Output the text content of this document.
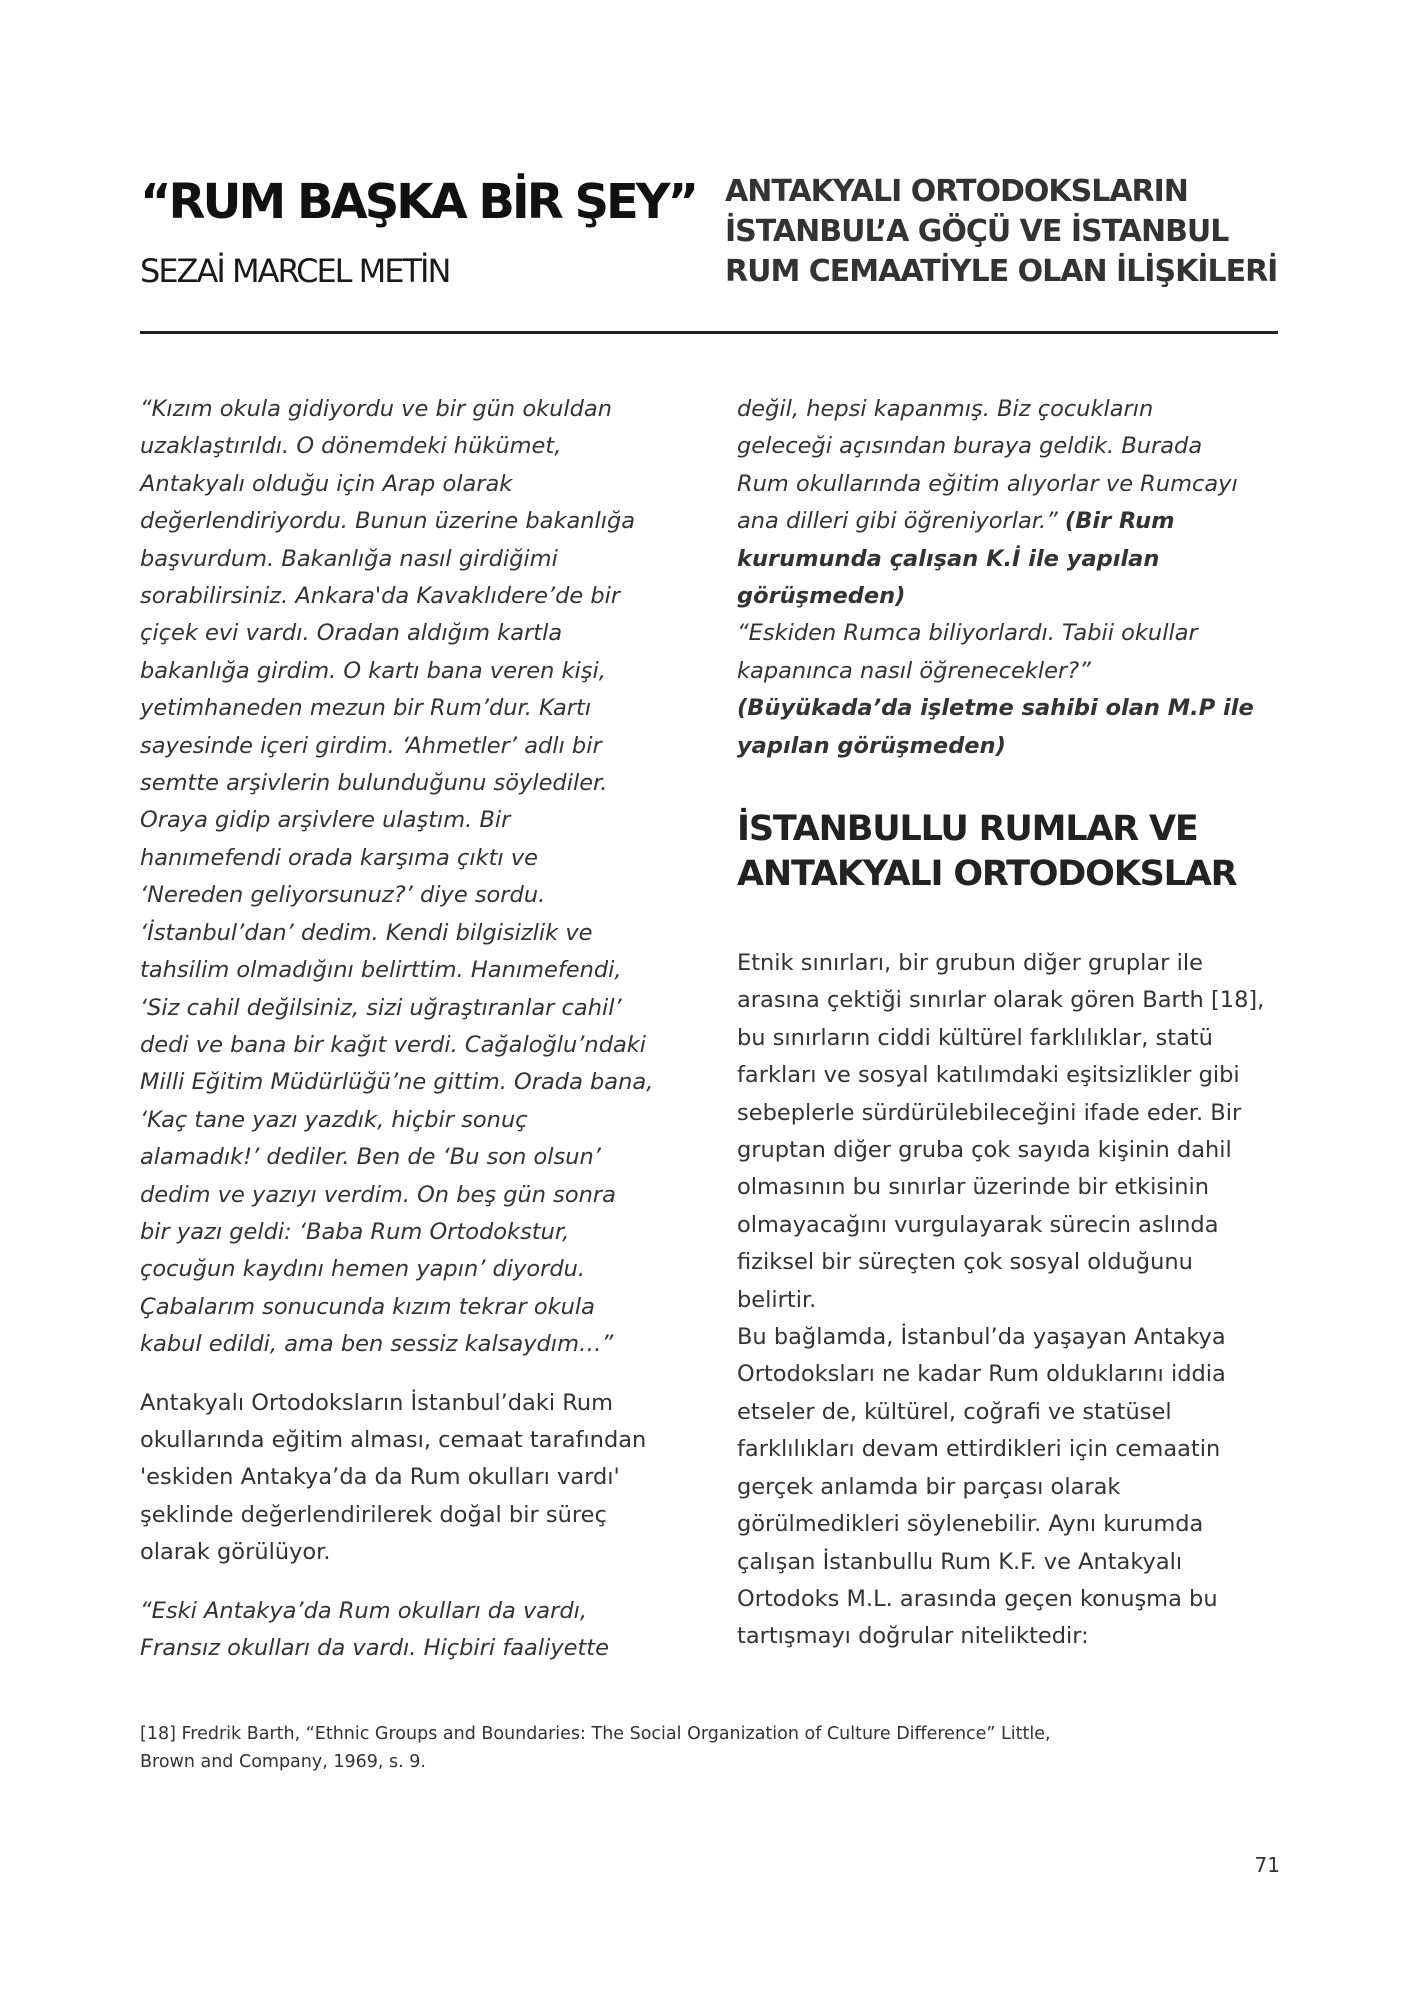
“RUM BAŞKA BİR ŞEY”
SEZAİ MARCEL METİN
ANTAKYALI ORTODOKSLARIN
İSTANBUL’A GÖÇÜ VE İSTANBUL
RUM CEMAATİYLE OLAN İLİŞKİLERİ
“Kızım okula gidiyordu ve bir gün okuldan
uzaklaştırıldı. O dönemdeki hükümet,
Antakyalı olduğu için Arap olarak
değerlendiriyordu. Bunun üzerine bakanlığa
başvurdum. Bakanlığa nasıl girdiğimi
sorabilirsiniz. Ankara'da Kavaklıdere’de bir
çiçek evi vardı. Oradan aldığım kartla
bakanlığa girdim. O kartı bana veren kişi,
yetimhaneden mezun bir Rum’dur. Kartı
sayesinde içeri girdim. ‘Ahmetler’ adlı bir
semtte arşivlerin bulunduğunu söylediler.
Oraya gidip arşivlere ulaştım. Bir
hanımefendi orada karşıma çıktı ve
‘Nereden geliyorsunuz?’ diye sordu.
‘İstanbul’dan’ dedim. Kendi bilgisizlik ve
tahsilim olmadığını belirttim. Hanımefendi,
‘Siz cahil değilsiniz, sizi uğraştıranlar cahil’
dedi ve bana bir kağıt verdi. Cağaloğlu’ndaki
Milli Eğitim Müdürlüğü’ne gittim. Orada bana,
‘Kaç tane yazı yazdık, hiçbir sonuç
alamadık!’ dediler. Ben de ‘Bu son olsun’
dedim ve yazıyı verdim. On beş gün sonra
bir yazı geldi: ‘Baba Rum Ortodokstur,
çocuğun kaydını hemen yapın’ diyordu.
Çabalarım sonucunda kızım tekrar okula
kabul edildi, ama ben sessiz kalsaydım…”
Antakyalı Ortodoksların İstanbul’daki Rum
okullarında eğitim alması, cemaat tarafından
'eskiden Antakya’da da Rum okulları vardı'
şeklinde değerlendirilerek doğal bir süreç
olarak görülüyor.
“Eski Antakya’da Rum okulları da vardı,
Fransız okulları da vardı. Hiçbiri faaliyette
değil, hepsi kapanmış. Biz çocukların
geleceği açısından buraya geldik. Burada
Rum okullarında eğitim alıyorlar ve Rumcayı
ana dilleri gibi öğreniyorlar.” (Bir Rum
kurumunda çalışan K.İ ile yapılan
görüşmeden)
“Eskiden Rumca biliyorlardı. Tabii okullar
kapanınca nasıl öğrenecekler?”
(Büyükada’da işletme sahibi olan M.P ile
yapılan görüşmeden)
İSTANBULLU RUMLAR VE
ANTAKYALI ORTODOKSLAR
Etnik sınırları, bir grubun diğer gruplar ile
arasına çektiği sınırlar olarak gören Barth [18],
bu sınırların ciddi kültürel farklılıklar, statü
farkları ve sosyal katılımdaki eşitsizlikler gibi
sebeplerle sürdürülebileceğini ifade eder. Bir
gruptan diğer gruba çok sayıda kişinin dahil
olmasının bu sınırlar üzerinde bir etkisinin
olmayacağını vurgulayarak sürecin aslında
fiziksel bir süreçten çok sosyal olduğunu
belirtir.
Bu bağlamda, İstanbul’da yaşayan Antakya
Ortodoksları ne kadar Rum olduklarını iddia
etseler de, kültürel, coğrafi ve statüsel
farklılıkları devam ettirdikleri için cemaatin
gerçek anlamda bir parçası olarak
görülmedikleri söylenebilir. Aynı kurumda
çalışan İstanbullu Rum K.F. ve Antakyalı
Ortodoks M.L. arasında geçen konuşma bu
tartışmayı doğrular niteliktedir:
[18] Fredrik Barth, “Ethnic Groups and Boundaries: The Social Organization of Culture Difference” Little,
Brown and Company, 1969, s. 9.
71
